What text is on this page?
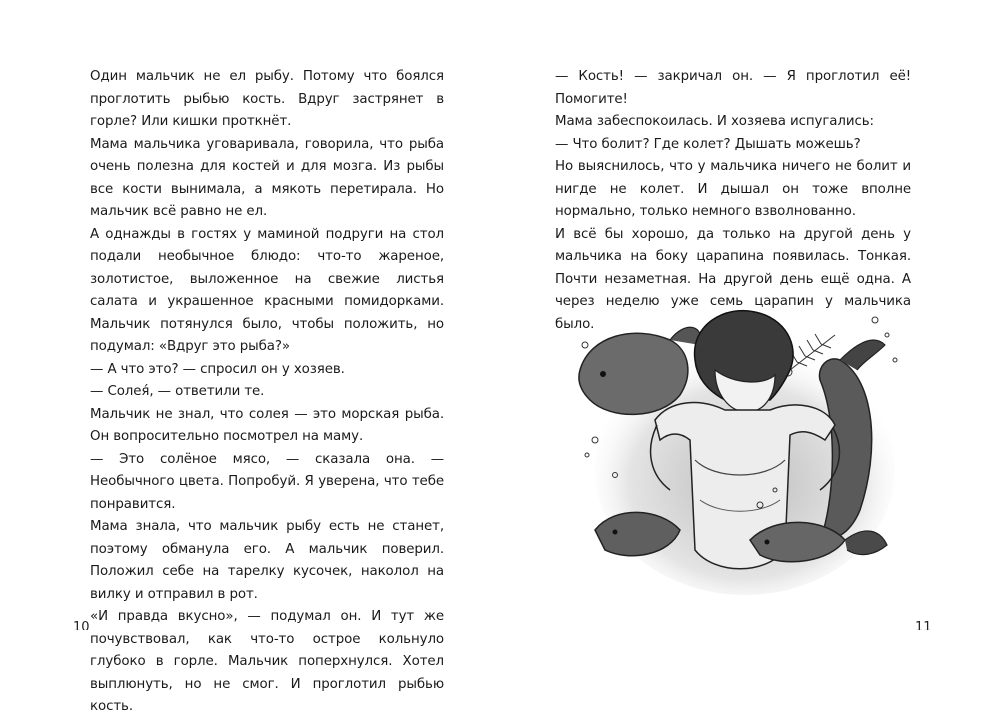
Один мальчик не ел рыбу. Потому что боялся проглотить рыбью кость. Вдруг застрянет в горле? Или кишки проткнёт.

Мама мальчика уговаривала, говорила, что рыба очень полезна для костей и для мозга. Из рыбы все кости вынимала, а мякоть перетирала. Но мальчик всё равно не ел.

А однажды в гостях у маминой подруги на стол подали необычное блюдо: что-то жареное, золотистое, выложенное на свежие листья салата и украшенное красными помидорками. Мальчик потянулся было, чтобы положить, но подумал: «Вдруг это рыба?»

— А что это? — спросил он у хозяев.

— Солея́, — ответили те.

Мальчик не знал, что солея — это морская рыба. Он вопросительно посмотрел на маму.

— Это солёное мясо, — сказала она. — Необычного цвета. Попробуй. Я уверена, что тебе понравится.

Мама знала, что мальчик рыбу есть не станет, поэтому обманула его. А мальчик поверил. Положил себе на тарелку кусочек, наколол на вилку и отправил в рот.

«И правда вкусно», — подумал он. И тут же почувствовал, как что-то острое кольнуло глубоко в горле. Мальчик поперхнулся. Хотел выплюнуть, но не смог. И проглотил рыбью кость.

10

— Кость! — закричал он. — Я проглотил её! Помогите!

Мама забеспокоилась. И хозяева испугались:

— Что болит? Где колет? Дышать можешь?

Но выяснилось, что у мальчика ничего не болит и нигде не колет. И дышал он тоже вполне нормально, только немного взволнованно.

И всё бы хорошо, да только на другой день у мальчика на боку царапина появилась. Тонкая. Почти незаметная. На другой день ещё одна. А через неделю уже семь царапин у мальчика было.

11
